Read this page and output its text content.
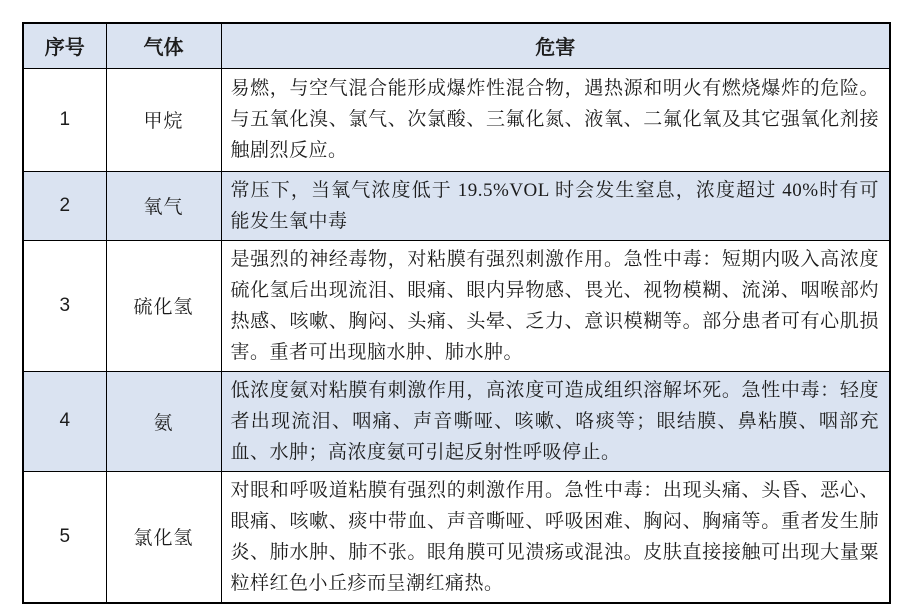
序号	气体	危害
1	甲烷	易燃，与空气混合能形成爆炸性混合物，遇热源和明火有燃烧爆炸的危险。与五氧化溴、氯气、次氯酸、三氟化氮、液氧、二氟化氧及其它强氧化剂接触剧烈反应。
2	氧气	常压下，当氧气浓度低于 19.5%VOL 时会发生窒息，浓度超过 40%时有可能发生氧中毒
3	硫化氢	是强烈的神经毒物，对粘膜有强烈刺激作用。急性中毒：短期内吸入高浓度硫化氢后出现流泪、眼痛、眼内异物感、畏光、视物模糊、流涕、咽喉部灼热感、咳嗽、胸闷、头痛、头晕、乏力、意识模糊等。部分患者可有心肌损害。重者可出现脑水肿、肺水肿。
4	氨	低浓度氨对粘膜有刺激作用，高浓度可造成组织溶解坏死。急性中毒：轻度者出现流泪、咽痛、声音嘶哑、咳嗽、咯痰等；眼结膜、鼻粘膜、咽部充血、水肿；高浓度氨可引起反射性呼吸停止。
5	氯化氢	对眼和呼吸道粘膜有强烈的刺激作用。急性中毒：出现头痛、头昏、恶心、眼痛、咳嗽、痰中带血、声音嘶哑、呼吸困难、胸闷、胸痛等。重者发生肺炎、肺水肿、肺不张。眼角膜可见溃疡或混浊。皮肤直接接触可出现大量粟粒样红色小丘疹而呈潮红痛热。
